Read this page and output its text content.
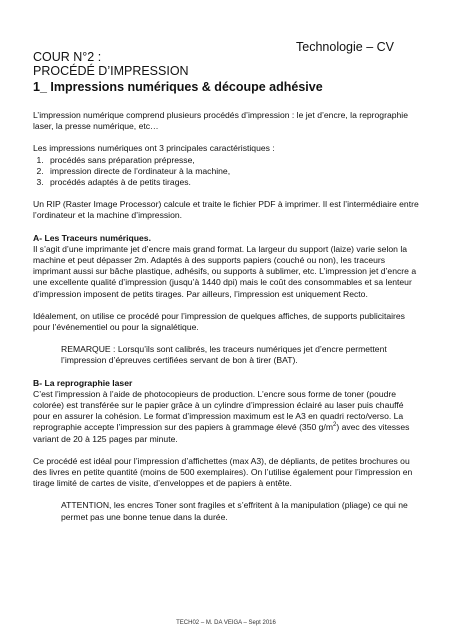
Technologie – CV
COUR N°2 :
PROCÉDÉ D’IMPRESSION
1_ Impressions numériques & découpe adhésive

L’impression numérique comprend plusieurs procédés d’impression : le jet d’encre, la reprographie laser, la presse numérique, etc…

Les impressions numériques ont 3 principales caractéristiques :
1. procédés sans préparation prépresse,
2. impression directe de l’ordinateur à la machine,
3. procédés adaptés à de petits tirages.

Un RIP (Raster Image Processor) calcule et traite le fichier PDF à imprimer. Il est l’intermédiaire entre l’ordinateur et la machine d’impression.

A- Les Traceurs numériques.

Il s’agit d’une imprimante jet d’encre mais grand format. La largeur du support (laize) varie selon la machine et peut dépasser 2m. Adaptés à des supports papiers (couché ou non), les traceurs imprimant aussi sur bâche plastique, adhésifs, ou supports à sublimer, etc. L’impression jet d’encre a une excellente qualité d’impression (jusqu’à 1440 dpi) mais le coût des consommables et sa lenteur d’impression imposent de petits tirages. Par ailleurs, l’impression est uniquement Recto.

Idéalement, on utilise ce procédé pour l’impression de quelques affiches, de supports publicitaires pour l’événementiel ou pour la signalétique.

REMARQUE : Lorsqu’ils sont calibrés, les traceurs numériques jet d’encre permettent l’impression d’épreuves certifiées servant de bon à tirer (BAT).

B- La reprographie laser

C’est l’impression à l’aide de photocopieurs de production. L’encre sous forme de toner (poudre colorée) est transférée sur le papier grâce à un cylindre d’impression éclairé au laser puis chauffé pour en assurer la cohésion. Le format d’impression maximum est le A3 en quadri recto/verso. La reprographie accepte l’impression sur des papiers à grammage élevé (350 $g/m^2$) avec des vitesses variant de 20 à 125 pages par minute.

Ce procédé est idéal pour l’impression d’affichettes (max A3), de dépliants, de petites brochures ou des livres en petite quantité (moins de 500 exemplaires). On l’utilise également pour l’impression en tirage limité de cartes de visite, d’enveloppes et de papiers à entête.

ATTENTION, les encres Toner sont fragiles et s’effritent à la manipulation (pliage) ce qui ne permet pas une bonne tenue dans la durée.

TECH02 – M. DA VEIGA – Sept 2016
